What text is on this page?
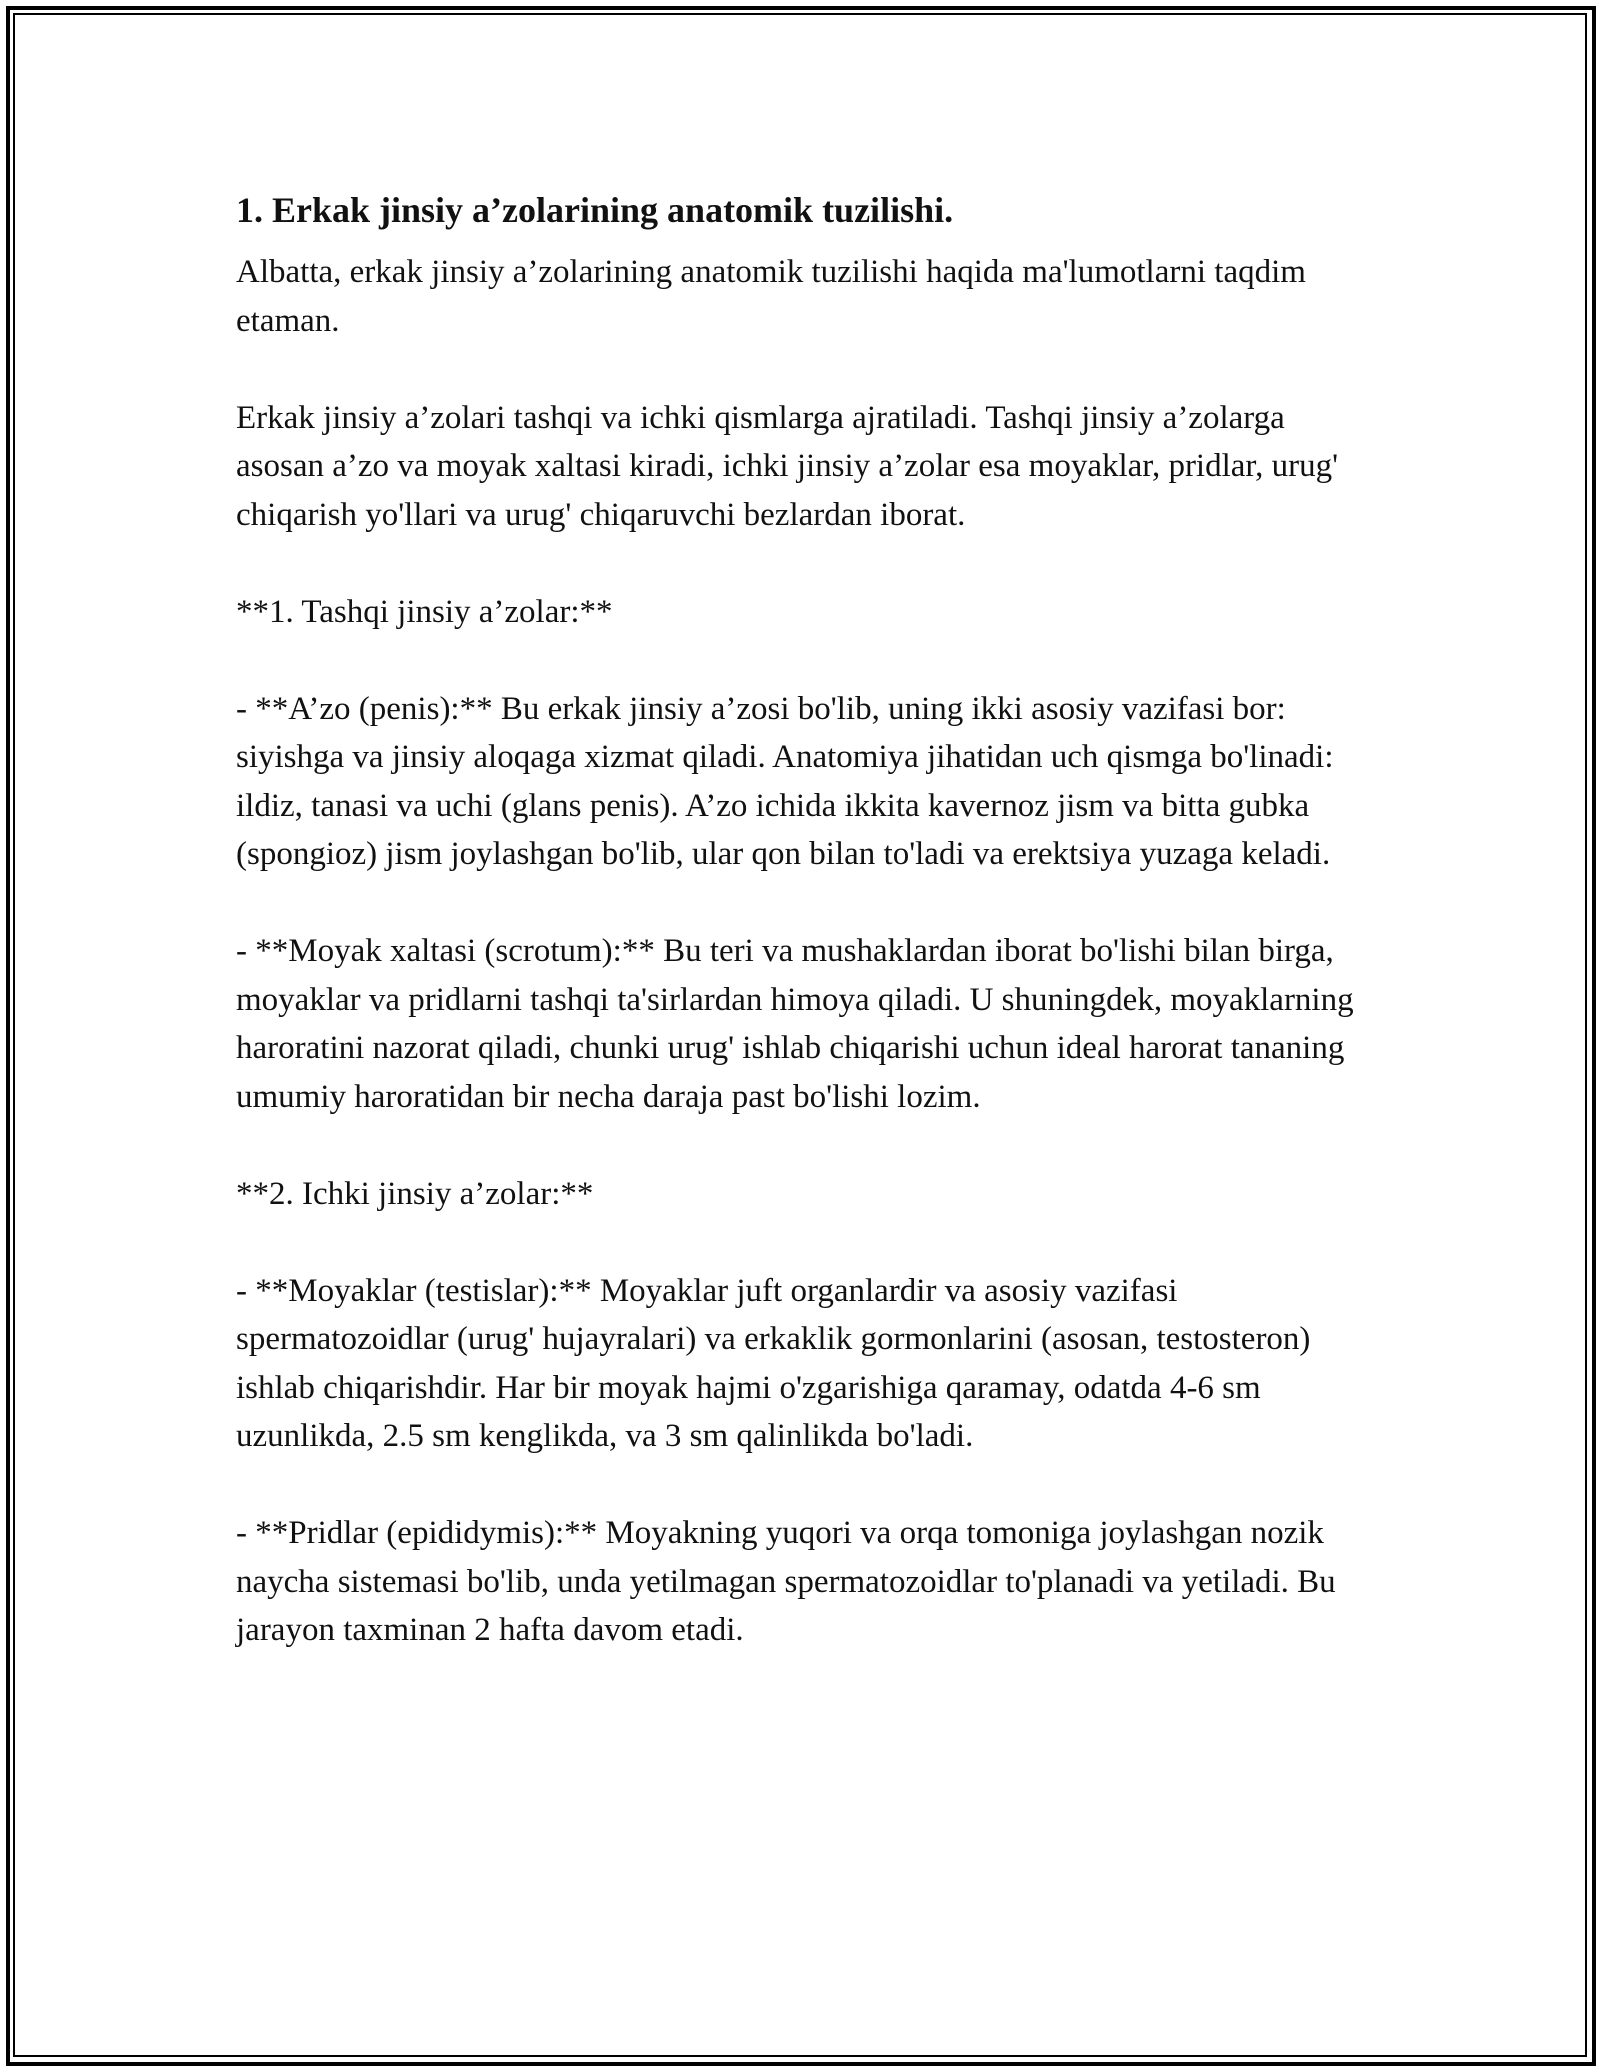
1. Erkak jinsiy a’zolarining anatomik tuzilishi.

Albatta, erkak jinsiy a’zolarining anatomik tuzilishi haqida ma'lumotlarni taqdim etaman.

Erkak jinsiy a’zolari tashqi va ichki qismlarga ajratiladi. Tashqi jinsiy a’zolarga asosan a’zo va moyak xaltasi kiradi, ichki jinsiy a’zolar esa moyaklar, pridlar, urug' chiqarish yo'llari va urug' chiqaruvchi bezlardan iborat.

**1. Tashqi jinsiy a’zolar:**

- **A’zo (penis):** Bu erkak jinsiy a’zosi bo'lib, uning ikki asosiy vazifasi bor: siyishga va jinsiy aloqaga xizmat qiladi. Anatomiya jihatidan uch qismga bo'linadi: ildiz, tanasi va uchi (glans penis). A’zo ichida ikkita kavernoz jism va bitta gubka (spongioz) jism joylashgan bo'lib, ular qon bilan to'ladi va erektsiya yuzaga keladi.

- **Moyak xaltasi (scrotum):** Bu teri va mushaklardan iborat bo'lishi bilan birga, moyaklar va pridlarni tashqi ta'sirlardan himoya qiladi. U shuningdek, moyaklarning haroratini nazorat qiladi, chunki urug' ishlab chiqarishi uchun ideal harorat tananing umumiy haroratidan bir necha daraja past bo'lishi lozim.

**2. Ichki jinsiy a’zolar:**

- **Moyaklar (testislar):** Moyaklar juft organlardir va asosiy vazifasi spermatozoidlar (urug' hujayralari) va erkaklik gormonlarini (asosan, testosteron) ishlab chiqarishdir. Har bir moyak hajmi o'zgarishiga qaramay, odatda 4-6 sm uzunlikda, 2.5 sm kenglikda, va 3 sm qalinlikda bo'ladi.

- **Pridlar (epididymis):** Moyakning yuqori va orqa tomoniga joylashgan nozik naycha sistemasi bo'lib, unda yetilmagan spermatozoidlar to'planadi va yetiladi. Bu jarayon taxminan 2 hafta davom etadi.
